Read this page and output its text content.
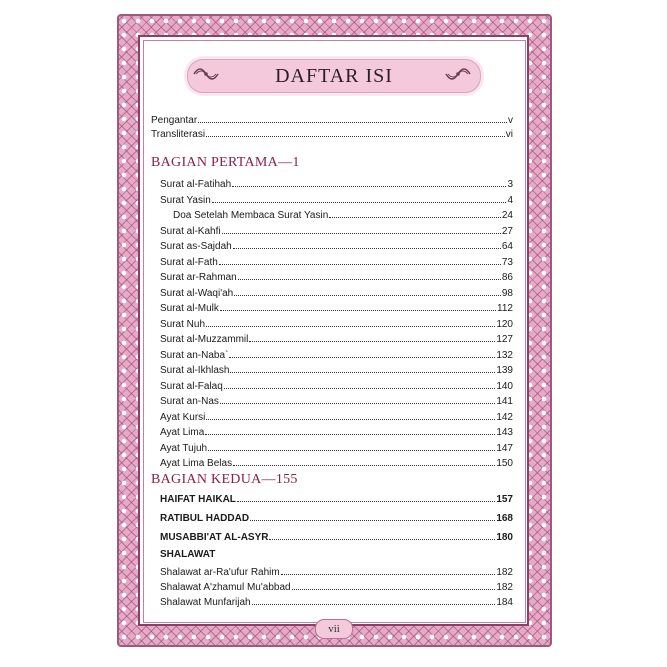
DAFTAR ISI
Pengantar	v
Transliterasi	vi
BAGIAN PERTAMA—1
Surat al-Fatihah	3
Surat Yasin	4
Doa Setelah Membaca Surat Yasin	24
Surat al-Kahfi	27
Surat as-Sajdah	64
Surat al-Fath	73
Surat ar-Rahman	86
Surat al-Waqi'ah	98
Surat al-Mulk	112
Surat Nuh	120
Surat al-Muzzammil	127
Surat an-Naba`	132
Surat al-Ikhlash	139
Surat al-Falaq	140
Surat an-Nas	141
Ayat Kursi	142
Ayat Lima	143
Ayat Tujuh	147
Ayat Lima Belas	150
BAGIAN KEDUA—155
HAIFAT HAIKAL	157
RATIBUL HADDAD	168
MUSABBI'AT AL-ASYR	180
SHALAWAT
Shalawat ar-Ra'ufur Rahim	182
Shalawat A'zhamul Mu'abbad	182
Shalawat Munfarijah	184
vii
